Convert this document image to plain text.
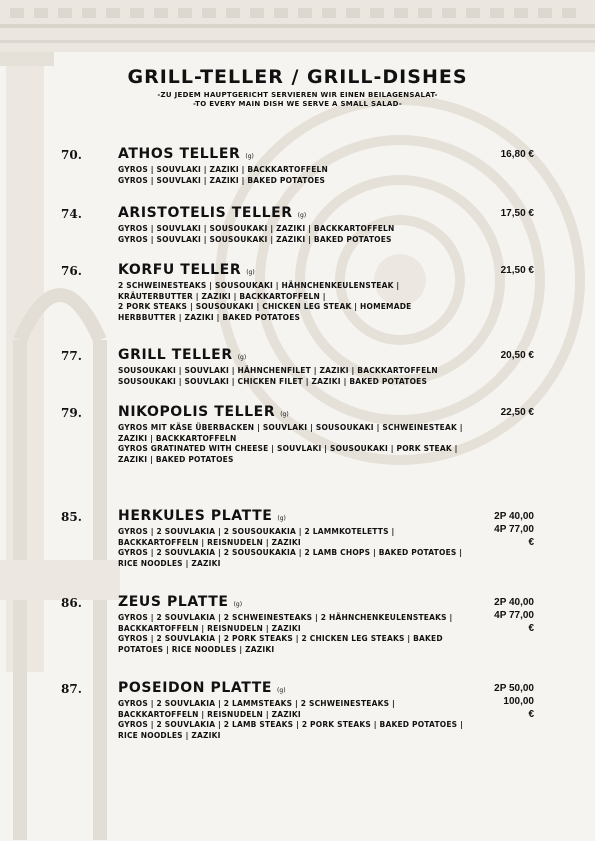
GRILL-TELLER / GRILL-DISHES
-ZU JEDEM HAUPTGERICHT SERVIEREN WIR EINEN BEILAGENSALAT-
-TO EVERY MAIN DISH WE SERVE A SMALL SALAD-
70.	ATHOS TELLER (g)
GYROS | SOUVLAKI | ZAZIKI | BACKKARTOFFELN
GYROS | SOUVLAKI | ZAZIKI | BAKED POTATOES
16,80 €
74.	ARISTOTELIS TELLER (g)
GYROS | SOUVLAKI | SOUSOUKAKI | ZAZIKI | BACKKARTOFFELN
GYROS | SOUVLAKI | SOUSOUKAKI | ZAZIKI | BAKED POTATOES
17,50 €
76.	KORFU TELLER (g)
2 SCHWEINESTEAKS | SOUSOUKAKI | HÄHNCHENKEULENSTEAK | KRÄUTERBUTTER | ZAZIKI | BACKKARTOFFELN |
2 PORK STEAKS | SOUSOUKAKI | CHICKEN LEG STEAK | HOMEMADE HERBBUTTER | ZAZIKI | BAKED POTATOES
21,50 €
77.	GRILL TELLER (g)
SOUSOUKAKI | SOUVLAKI | HÄHNCHENFILET | ZAZIKI | BACKKARTOFFELN
SOUSOUKAKI | SOUVLAKI | CHICKEN FILET | ZAZIKI | BAKED POTATOES
20,50 €
79.	NIKOPOLIS TELLER (g)
GYROS MIT KÄSE ÜBERBACKEN | SOUVLAKI | SOUSOUKAKI | SCHWEINESTEAK | ZAZIKI | BACKKARTOFFELN
GYROS GRATINATED WITH CHEESE | SOUVLAKI | SOUSOUKAKI | PORK STEAK | ZAZIKI | BAKED POTATOES
22,50 €
85.	HERKULES PLATTE (g)
GYROS | 2 SOUVLAKIA | 2 SOUSOUKAKIA | 2 LAMMKOTELETTS | BACKKARTOFFELN | REISNUDELN | ZAZIKI
GYROS | 2 SOUVLAKIA | 2 SOUSOUKAKIA | 2 LAMB CHOPS | BAKED POTATOES | RICE NOODLES | ZAZIKI
2P 40,00
4P 77,00
€
86.	ZEUS PLATTE (g)
GYROS | 2 SOUVLAKIA | 2 SCHWEINESTEAKS | 2 HÄHNCHENKEULENSTEAKS | BACKKARTOFFELN | REISNUDELN | ZAZIKI
GYROS | 2 SOUVLAKIA | 2 PORK STEAKS | 2 CHICKEN LEG STEAKS | BAKED POTATOES | RICE NOODLES | ZAZIKI
2P 40,00
4P 77,00
€
87.	POSEIDON PLATTE (g)
GYROS | 2 SOUVLAKIA | 2 LAMMSTEAKS | 2 SCHWEINESTEAKS | BACKKARTOFFELN | REISNUDELN | ZAZIKI
GYROS | 2 SOUVLAKIA | 2 LAMB STEAKS | 2 PORK STEAKS | BAKED POTATOES | RICE NOODLES | ZAZIKI
2P 50,00
100,00
€
